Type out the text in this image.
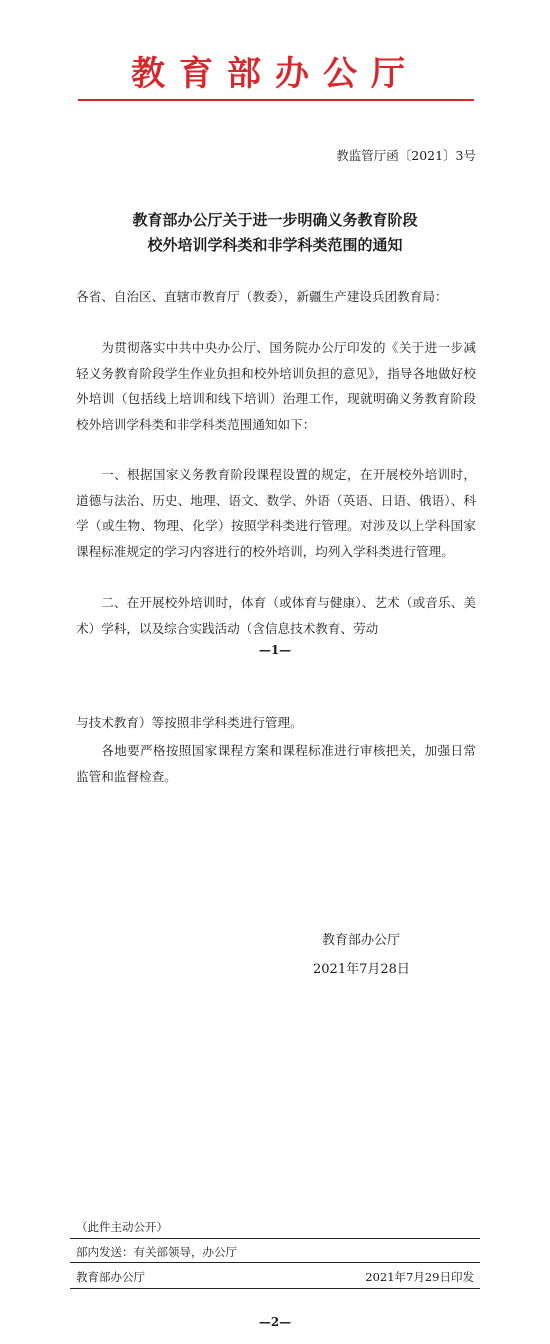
教育部办公厅
教监管厅函〔2021〕3号
教育部办公厅关于进一步明确义务教育阶段
校外培训学科类和非学科类范围的通知

各省、自治区、直辖市教育厅（教委），新疆生产建设兵团教育局：

为贯彻落实中共中央办公厅、国务院办公厅印发的《关于进一步减轻义务教育阶段学生作业负担和校外培训负担的意见》，指导各地做好校外培训（包括线上培训和线下培训）治理工作，现就明确义务教育阶段校外培训学科类和非学科类范围通知如下：

一、根据国家义务教育阶段课程设置的规定，在开展校外培训时，道德与法治、历史、地理、语文、数学、外语（英语、日语、俄语）、科学（或生物、物理、化学）按照学科类进行管理。对涉及以上学科国家课程标准规定的学习内容进行的校外培训，均列入学科类进行管理。

二、在开展校外培训时，体育（或体育与健康）、艺术（或音乐、美术）学科，以及综合实践活动（含信息技术教育、劳动

—1—

与技术教育）等按照非学科类进行管理。

各地要严格按照国家课程方案和课程标准进行审核把关，加强日常监管和监督检查。

教育部办公厅
2021年7月28日
（此件主动公开）
部内发送：有关部领导，办公厅
教育部办公厅	2021年7月29日印发
—2—
